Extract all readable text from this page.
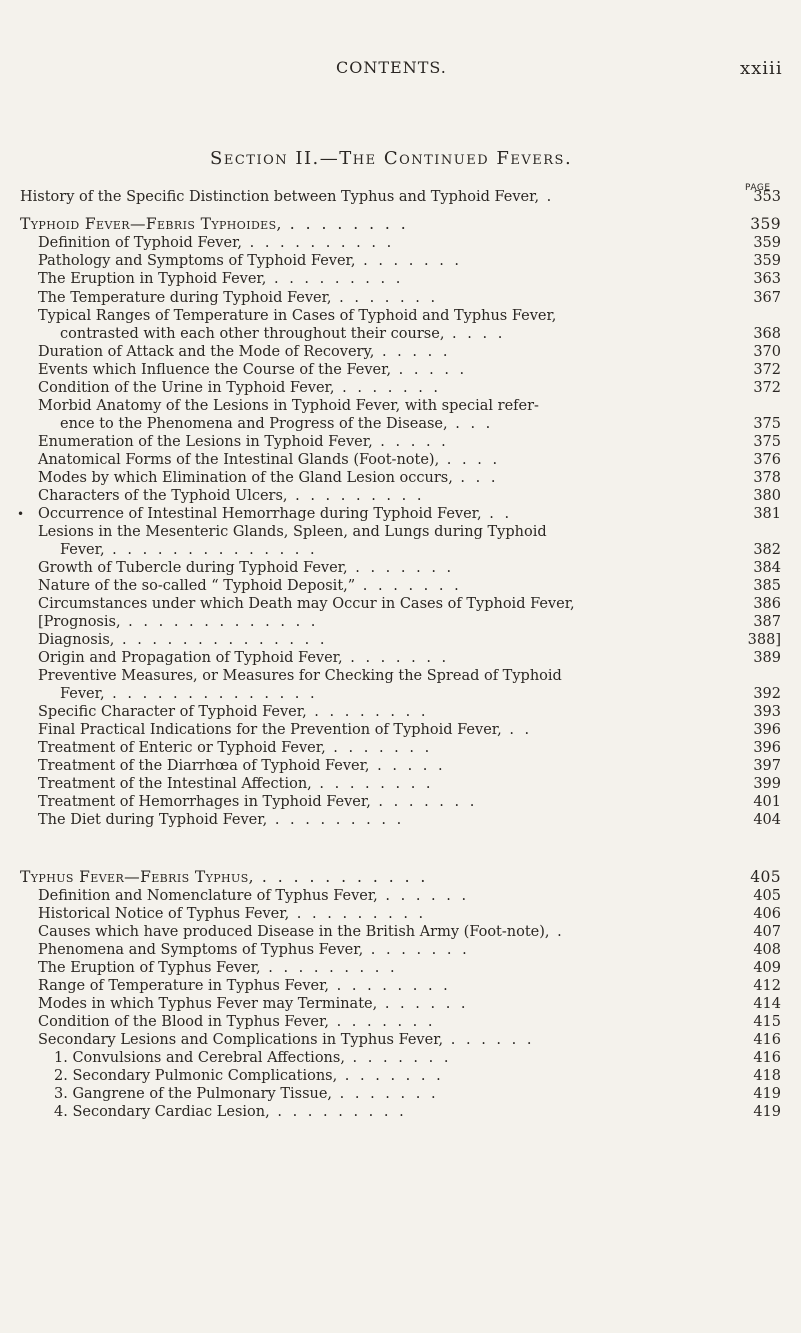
CONTENTS.	xxiii
Section II.—The Continued Fevers.
PAGE
History of the Specific Distinction between Typhus and Typhoid Fever, .	353
Typhoid Fever—Febris Typhoides, . . . . . . . .	359
Definition of Typhoid Fever, . . . . . . . . . .	359
Pathology and Symptoms of Typhoid Fever, . . . . . . .	359
The Eruption in Typhoid Fever, . . . . . . . . .	363
The Temperature during Typhoid Fever, . . . . . . .	367
Typical Ranges of Temperature in Cases of Typhoid and Typhus Fever,
contrasted with each other throughout their course, . . . .	368
Duration of Attack and the Mode of Recovery, . . . . .	370
Events which Influence the Course of the Fever, . . . . .	372
Condition of the Urine in Typhoid Fever, . . . . . . .	372
Morbid Anatomy of the Lesions in Typhoid Fever, with special refer-
ence to the Phenomena and Progress of the Disease, . . .	375
Enumeration of the Lesions in Typhoid Fever, . . . . .	375
Anatomical Forms of the Intestinal Glands (Foot-note), . . . .	376
Modes by which Elimination of the Gland Lesion occurs, . . .	378
Characters of the Typhoid Ulcers, . . . . . . . . .	380
Occurrence of Intestinal Hemorrhage during Typhoid Fever, . .	381
•
Lesions in the Mesenteric Glands, Spleen, and Lungs during Typhoid
Fever, . . . . . . . . . . . . . .	382
Growth of Tubercle during Typhoid Fever, . . . . . . .	384
Nature of the so-called “ Typhoid Deposit,” . . . . . . .	385
Circumstances under which Death may Occur in Cases of Typhoid Fever,	386
[Prognosis, . . . . . . . . . . . . .	387
Diagnosis, . . . . . . . . . . . . . .	388]
Origin and Propagation of Typhoid Fever, . . . . . . .	389
Preventive Measures, or Measures for Checking the Spread of Typhoid
Fever, . . . . . . . . . . . . . .	392
Specific Character of Typhoid Fever, . . . . . . . .	393
Final Practical Indications for the Prevention of Typhoid Fever, . .	396
Treatment of Enteric or Typhoid Fever, . . . . . . .	396
Treatment of the Diarrhœa of Typhoid Fever, . . . . .	397
Treatment of the Intestinal Affection, . . . . . . . .	399
Treatment of Hemorrhages in Typhoid Fever, . . . . . . .	401
The Diet during Typhoid Fever, . . . . . . . . .	404
Typhus Fever—Febris Typhus, . . . . . . . . . . .	405
Definition and Nomenclature of Typhus Fever, . . . . . .	405
Historical Notice of Typhus Fever, . . . . . . . . .	406
Causes which have produced Disease in the British Army (Foot-note), .	407
Phenomena and Symptoms of Typhus Fever, . . . . . . .	408
The Eruption of Typhus Fever, . . . . . . . . .	409
Range of Temperature in Typhus Fever, . . . . . . . .	412
Modes in which Typhus Fever may Terminate, . . . . . .	414
Condition of the Blood in Typhus Fever, . . . . . . .	415
Secondary Lesions and Complications in Typhus Fever, . . . . . .	416
1. Convulsions and Cerebral Affections, . . . . . . .	416
2. Secondary Pulmonic Complications, . . . . . . .	418
3. Gangrene of the Pulmonary Tissue, . . . . . . .	419
4. Secondary Cardiac Lesion, . . . . . . . . .	419
